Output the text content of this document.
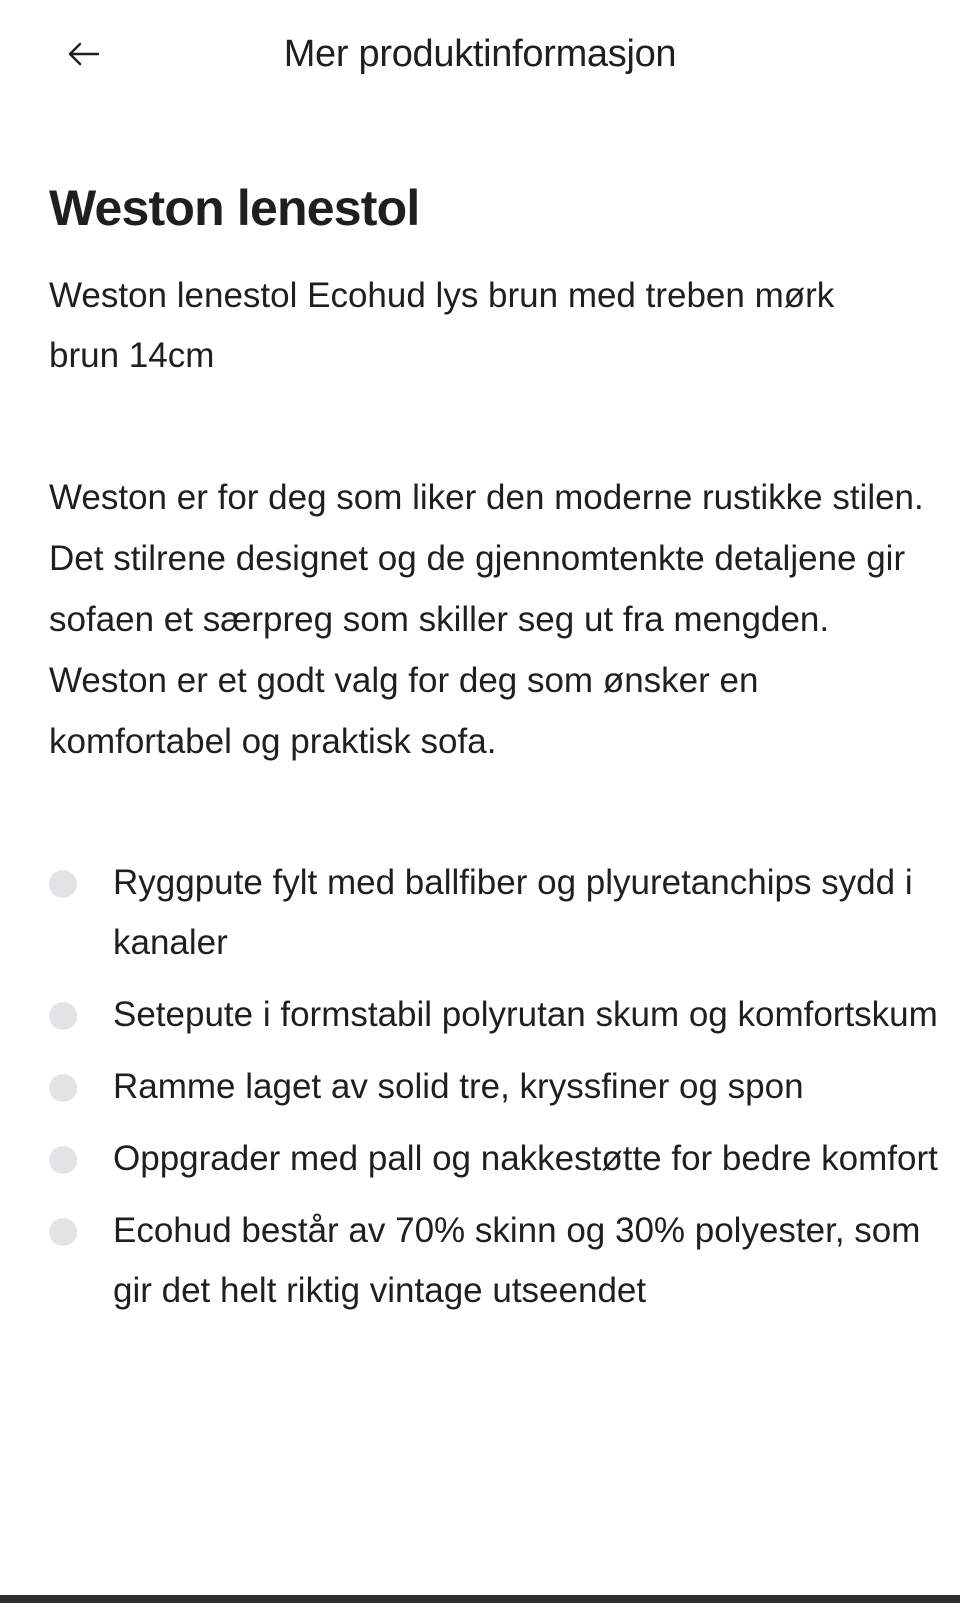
Mer produktinformasjon
Weston lenestol

Weston lenestol Ecohud lys brun med treben mørk brun 14cm

Weston er for deg som liker den moderne rustikke stilen. Det stilrene designet og de gjennomtenkte detaljene gir sofaen et særpreg som skiller seg ut fra mengden. Weston er et godt valg for deg som ønsker en komfortabel og praktisk sofa.

Ryggpute fylt med ballfiber og plyuretanchips sydd i kanaler
Setepute i formstabil polyrutan skum og komfortskum
Ramme laget av solid tre, kryssfiner og spon
Oppgrader med pall og nakkestøtte for bedre komfort
Ecohud består av 70% skinn og 30% polyester, som gir det helt riktig vintage utseendet
